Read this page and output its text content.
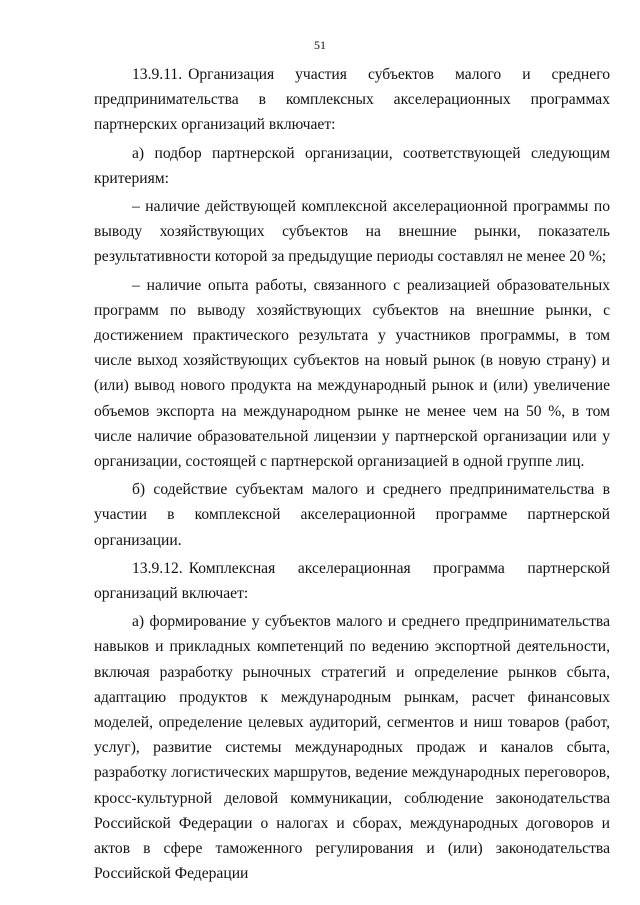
51

13.9.11. Организация участия субъектов малого и среднего предпринимательства в комплексных акселерационных программах партнерских организаций включает:

а) подбор партнерской организации, соответствующей следующим критериям:

– наличие действующей комплексной акселерационной программы по выводу хозяйствующих субъектов на внешние рынки, показатель результативности которой за предыдущие периоды составлял не менее 20 %;

– наличие опыта работы, связанного с реализацией образовательных программ по выводу хозяйствующих субъектов на внешние рынки, с достижением практического результата у участников программы, в том числе выход хозяйствующих субъектов на новый рынок (в новую страну) и (или) вывод нового продукта на международный рынок и (или) увеличение объемов экспорта на международном рынке не менее чем на 50 %, в том числе наличие образовательной лицензии у партнерской организации или у организации, состоящей с партнерской организацией в одной группе лиц.

б) содействие субъектам малого и среднего предпринимательства в участии в комплексной акселерационной программе партнерской организации.

13.9.12. Комплексная акселерационная программа партнерской организаций включает:

а) формирование у субъектов малого и среднего предпринимательства навыков и прикладных компетенций по ведению экспортной деятельности, включая разработку рыночных стратегий и определение рынков сбыта, адаптацию продуктов к международным рынкам, расчет финансовых моделей, определение целевых аудиторий, сегментов и ниш товаров (работ, услуг), развитие системы международных продаж и каналов сбыта, разработку логистических маршрутов, ведение международных переговоров, кросс-культурной деловой коммуникации, соблюдение законодательства Российской Федерации о налогах и сборах, международных договоров и актов в сфере таможенного регулирования и (или) законодательства Российской Федерации
